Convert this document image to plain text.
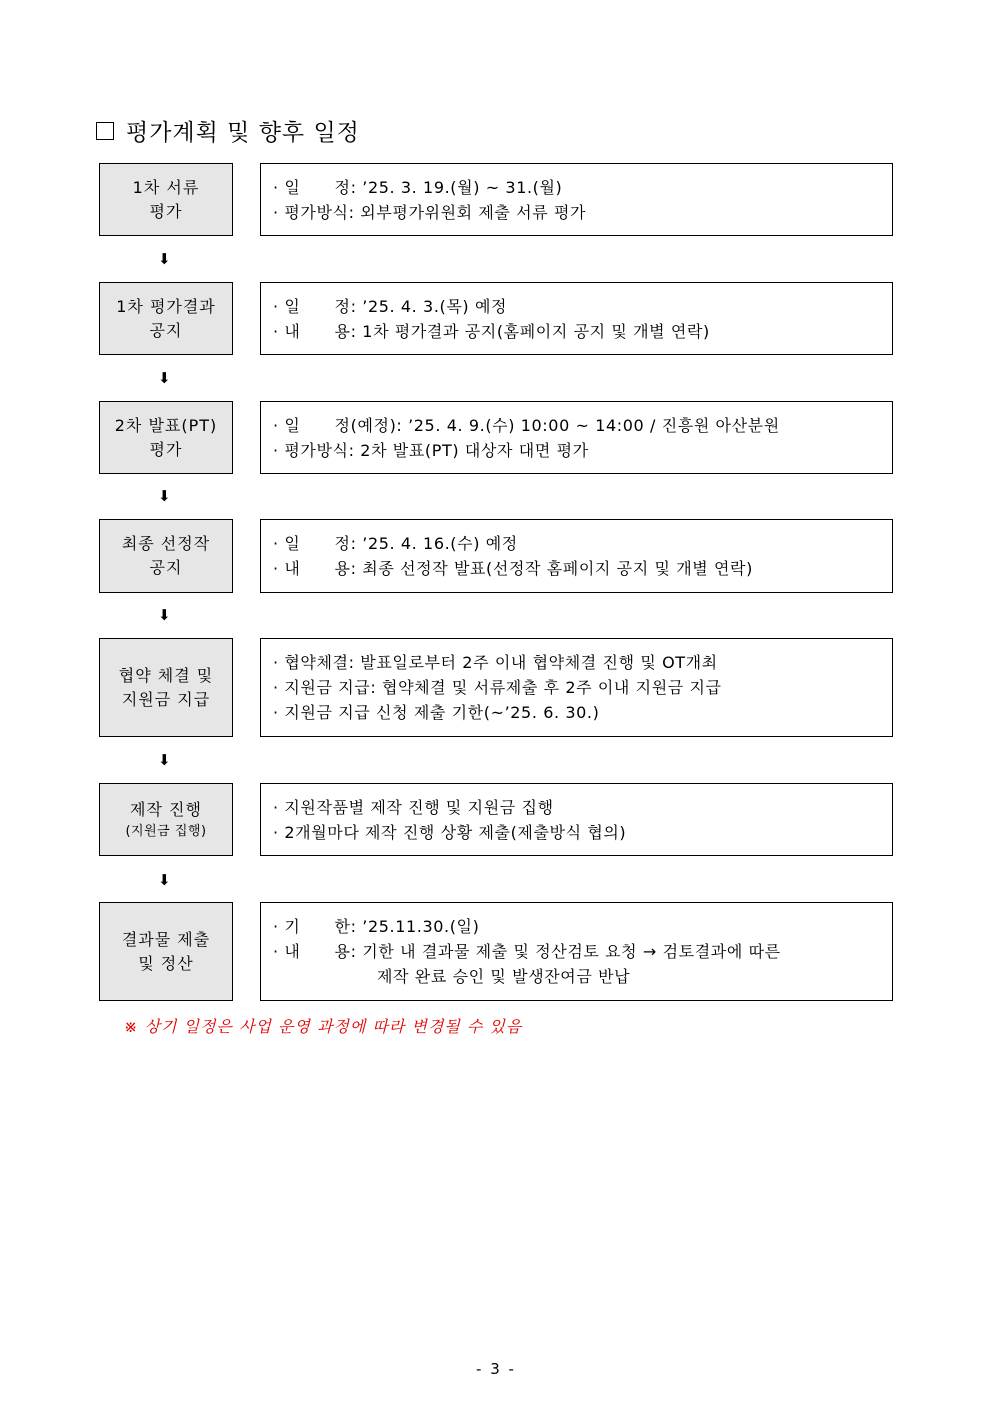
평가계획 및 향후 일정
1차 서류
평가
· 일      정 : ’25. 3. 19.(월) ~ 31.(월)
· 평가방식 : 외부평가위원회 제출 서류 평가
1차 평가결과
공지
· 일      정 : ’25. 4. 3.(목) 예정
· 내      용 : 1차 평가결과 공지(홈페이지 공지 및 개별 연락)
2차 발표(PT)
평가
· 일      정 (예정): ’25. 4. 9.(수) 10:00 ~ 14:00 / 진흥원 아산분원
· 평가방식 : 2차 발표(PT) 대상자 대면 평가
최종 선정작
공지
· 일      정 : ’25. 4. 16.(수) 예정
· 내      용 : 최종 선정작 발표(선정작 홈페이지 공지 및 개별 연락)
협약 체결 및
지원금 지급
· 협약체결: 발표일로부터 2주 이내 협약체결 진행 및 OT개최
· 지원금 지급: 협약체결 및 서류제출 후 2주 이내 지원금 지급
· 지원금 지급 신청 제출 기한(~’25. 6. 30.)
제작 진행
(지원금 집행)
· 지원작품별 제작 진행 및 지원금 집행
· 2개월마다 제작 진행 상황 제출(제출방식 협의)
결과물 제출
및 정산
· 기      한 : ’25.11.30.(일)
· 내      용 : 기한 내 결과물 제출 및 정산검토 요청 → 검토결과에 따른
제작 완료 승인 및 발생잔여금 반납
⬇
⬇
⬇
⬇
⬇
⬇
※ 상기 일정은 사업 운영 과정에 따라 변경될 수 있음
- 3 -
